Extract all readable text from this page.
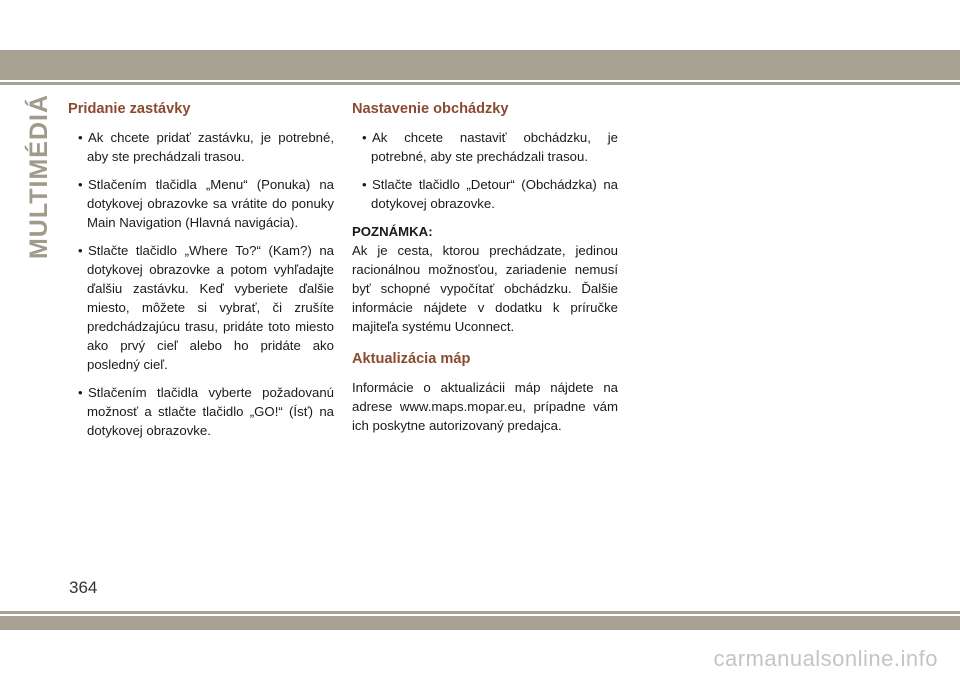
MULTIMÉDIÁ Pridanie zastávky
• Ak chcete pridať zastávku, je potrebné, aby ste prechádzali trasou.
• Stlačením tlačidla „Menu“ (Ponuka) na dotykovej obrazovke sa vrátite do ponuky Main Navigation (Hlavná navigácia).
• Stlačte tlačidlo „Where To?“ (Kam?) na dotykovej obrazovke a potom vyhľadajte ďalšiu zastávku. Keď vyberiete ďalšie miesto, môžete si vybrať, či zrušíte predchádzajúcu trasu, pridáte toto miesto ako prvý cieľ alebo ho pridáte ako posledný cieľ.
• Stlačením tlačidla vyberte požadovanú možnosť a stlačte tlačidlo „GO!“ (Ísť) na dotykovej obrazovke.
Nastavenie obchádzky
• Ak chcete nastaviť obchádzku, je potrebné, aby ste prechádzali trasou.
• Stlačte tlačidlo „Detour“ (Obchádzka) na dotykovej obrazovke.

POZNÁMKA:

Ak je cesta, ktorou prechádzate, jedinou racionálnou možnosťou, zariadenie nemusí byť schopné vypočítať obchádzku. Ďalšie informácie nájdete v dodatku k príručke majiteľa systému Uconnect.

Aktualizácia máp

Informácie o aktualizácii máp nájdete na adrese www.maps.mopar.eu, prípadne vám ich poskytne autorizovaný predajca.

364
carmanualsonline.info
